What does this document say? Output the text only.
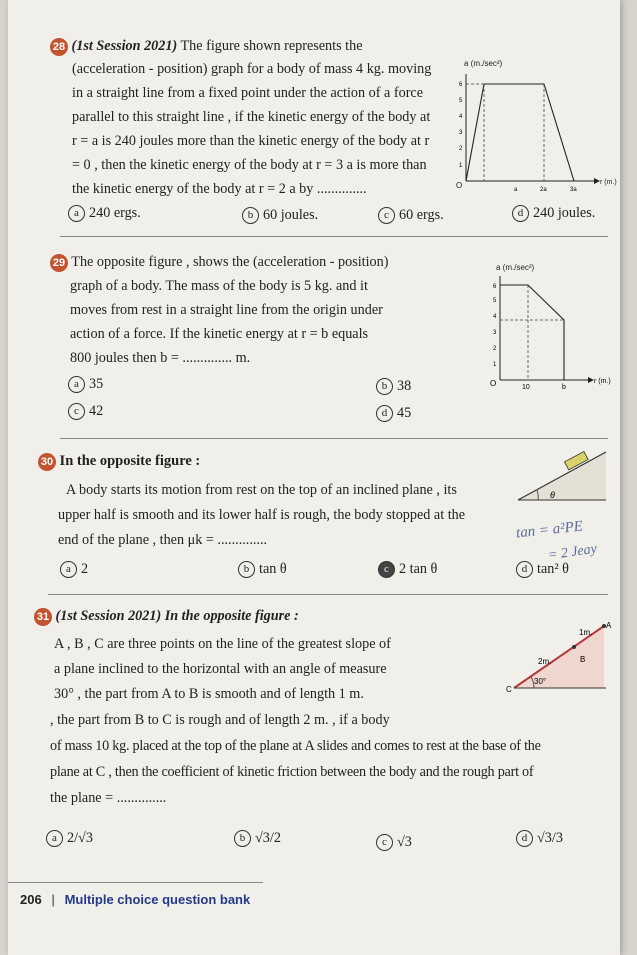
28 (1st Session 2021) The figure shown represents the
(acceleration - position) graph for a body of mass 4 kg. moving
in a straight line from a fixed point under the action of a force
parallel to this straight line , if the kinetic energy of the body at
r = a is 240 joules more than the kinetic energy of the body at r
= 0 , then the kinetic energy of the body at r = 3 a is more than
the kinetic energy of the body at r = 2 a by ..............
a (m./sec²)
r (m.)
O
1
2
3
4
5
6
a	2a	3a
a 240 ergs.	b 60 joules.	c 60 ergs.	d 240 joules.
29 The opposite figure , shows the (acceleration - position)
graph of a body. The mass of the body is 5 kg. and it
moves from rest in a straight line from the origin under
action of a force. If the kinetic energy at r = b equals
800 joules then b = .............. m.
a (m./sec²)
r (m.)
O
1
2
3
4
5
6
10	b
a 35	b 38
c 42	d 45
30 In the opposite figure :
A body starts its motion from rest on the top of an inclined plane , its
upper half is smooth and its lower half is rough, the body stopped at the
end of the plane , then μk = ..............
θ
tan = a²PE
= 2 Jeay
a 2	b tan θ	c 2 tan θ	d tan² θ
31 (1st Session 2021) In the opposite figure :
A , B , C are three points on the line of the greatest slope of
a plane inclined to the horizontal with an angle of measure
30° , the part from A to B is smooth and of length 1 m.
, the part from B to C is rough and of length 2 m. , if a body
of mass 10 kg. placed at the top of the plane at A slides and comes to rest at the base of the
plane at C , then the coefficient of kinetic friction between the body and the rough part of
the plane = ..............
A
B
C
1m.
2m.
30°
a 2/√3	b √3/2	c √3	d √3/3
206 | Multiple choice question bank
